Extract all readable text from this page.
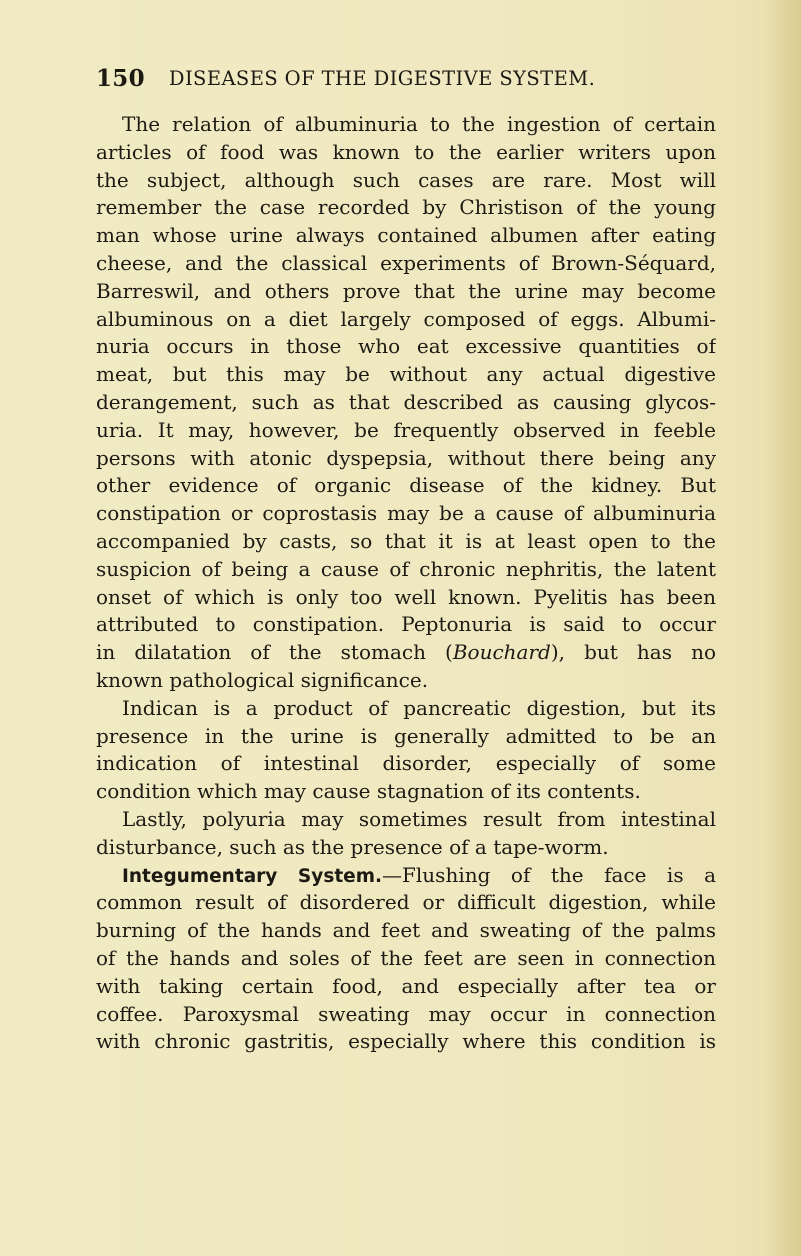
150 DISEASES OF THE DIGESTIVE SYSTEM.
The relation of albuminuria to the ingestion of certain
articles of food was known to the earlier writers upon
the subject, although such cases are rare. Most will
remember the case recorded by Christison of the young
man whose urine always contained albumen after eating
cheese, and the classical experiments of Brown-Séquard,
Barreswil, and others prove that the urine may become
albuminous on a diet largely composed of eggs. Albumi-
nuria occurs in those who eat excessive quantities of
meat, but this may be without any actual digestive
derangement, such as that described as causing glycos-
uria. It may, however, be frequently observed in feeble
persons with atonic dyspepsia, without there being any
other evidence of organic disease of the kidney. But
constipation or coprostasis may be a cause of albuminuria
accompanied by casts, so that it is at least open to the
suspicion of being a cause of chronic nephritis, the latent
onset of which is only too well known. Pyelitis has been
attributed to constipation. Peptonuria is said to occur
in dilatation of the stomach (Bouchard), but has no
known pathological significance.
Indican is a product of pancreatic digestion, but its
presence in the urine is generally admitted to be an
indication of intestinal disorder, especially of some
condition which may cause stagnation of its contents.
Lastly, polyuria may sometimes result from intestinal
disturbance, such as the presence of a tape-worm.
Integumentary System.—Flushing of the face is a
common result of disordered or difficult digestion, while
burning of the hands and feet and sweating of the palms
of the hands and soles of the feet are seen in connection
with taking certain food, and especially after tea or
coffee. Paroxysmal sweating may occur in connection
with chronic gastritis, especially where this condition is
